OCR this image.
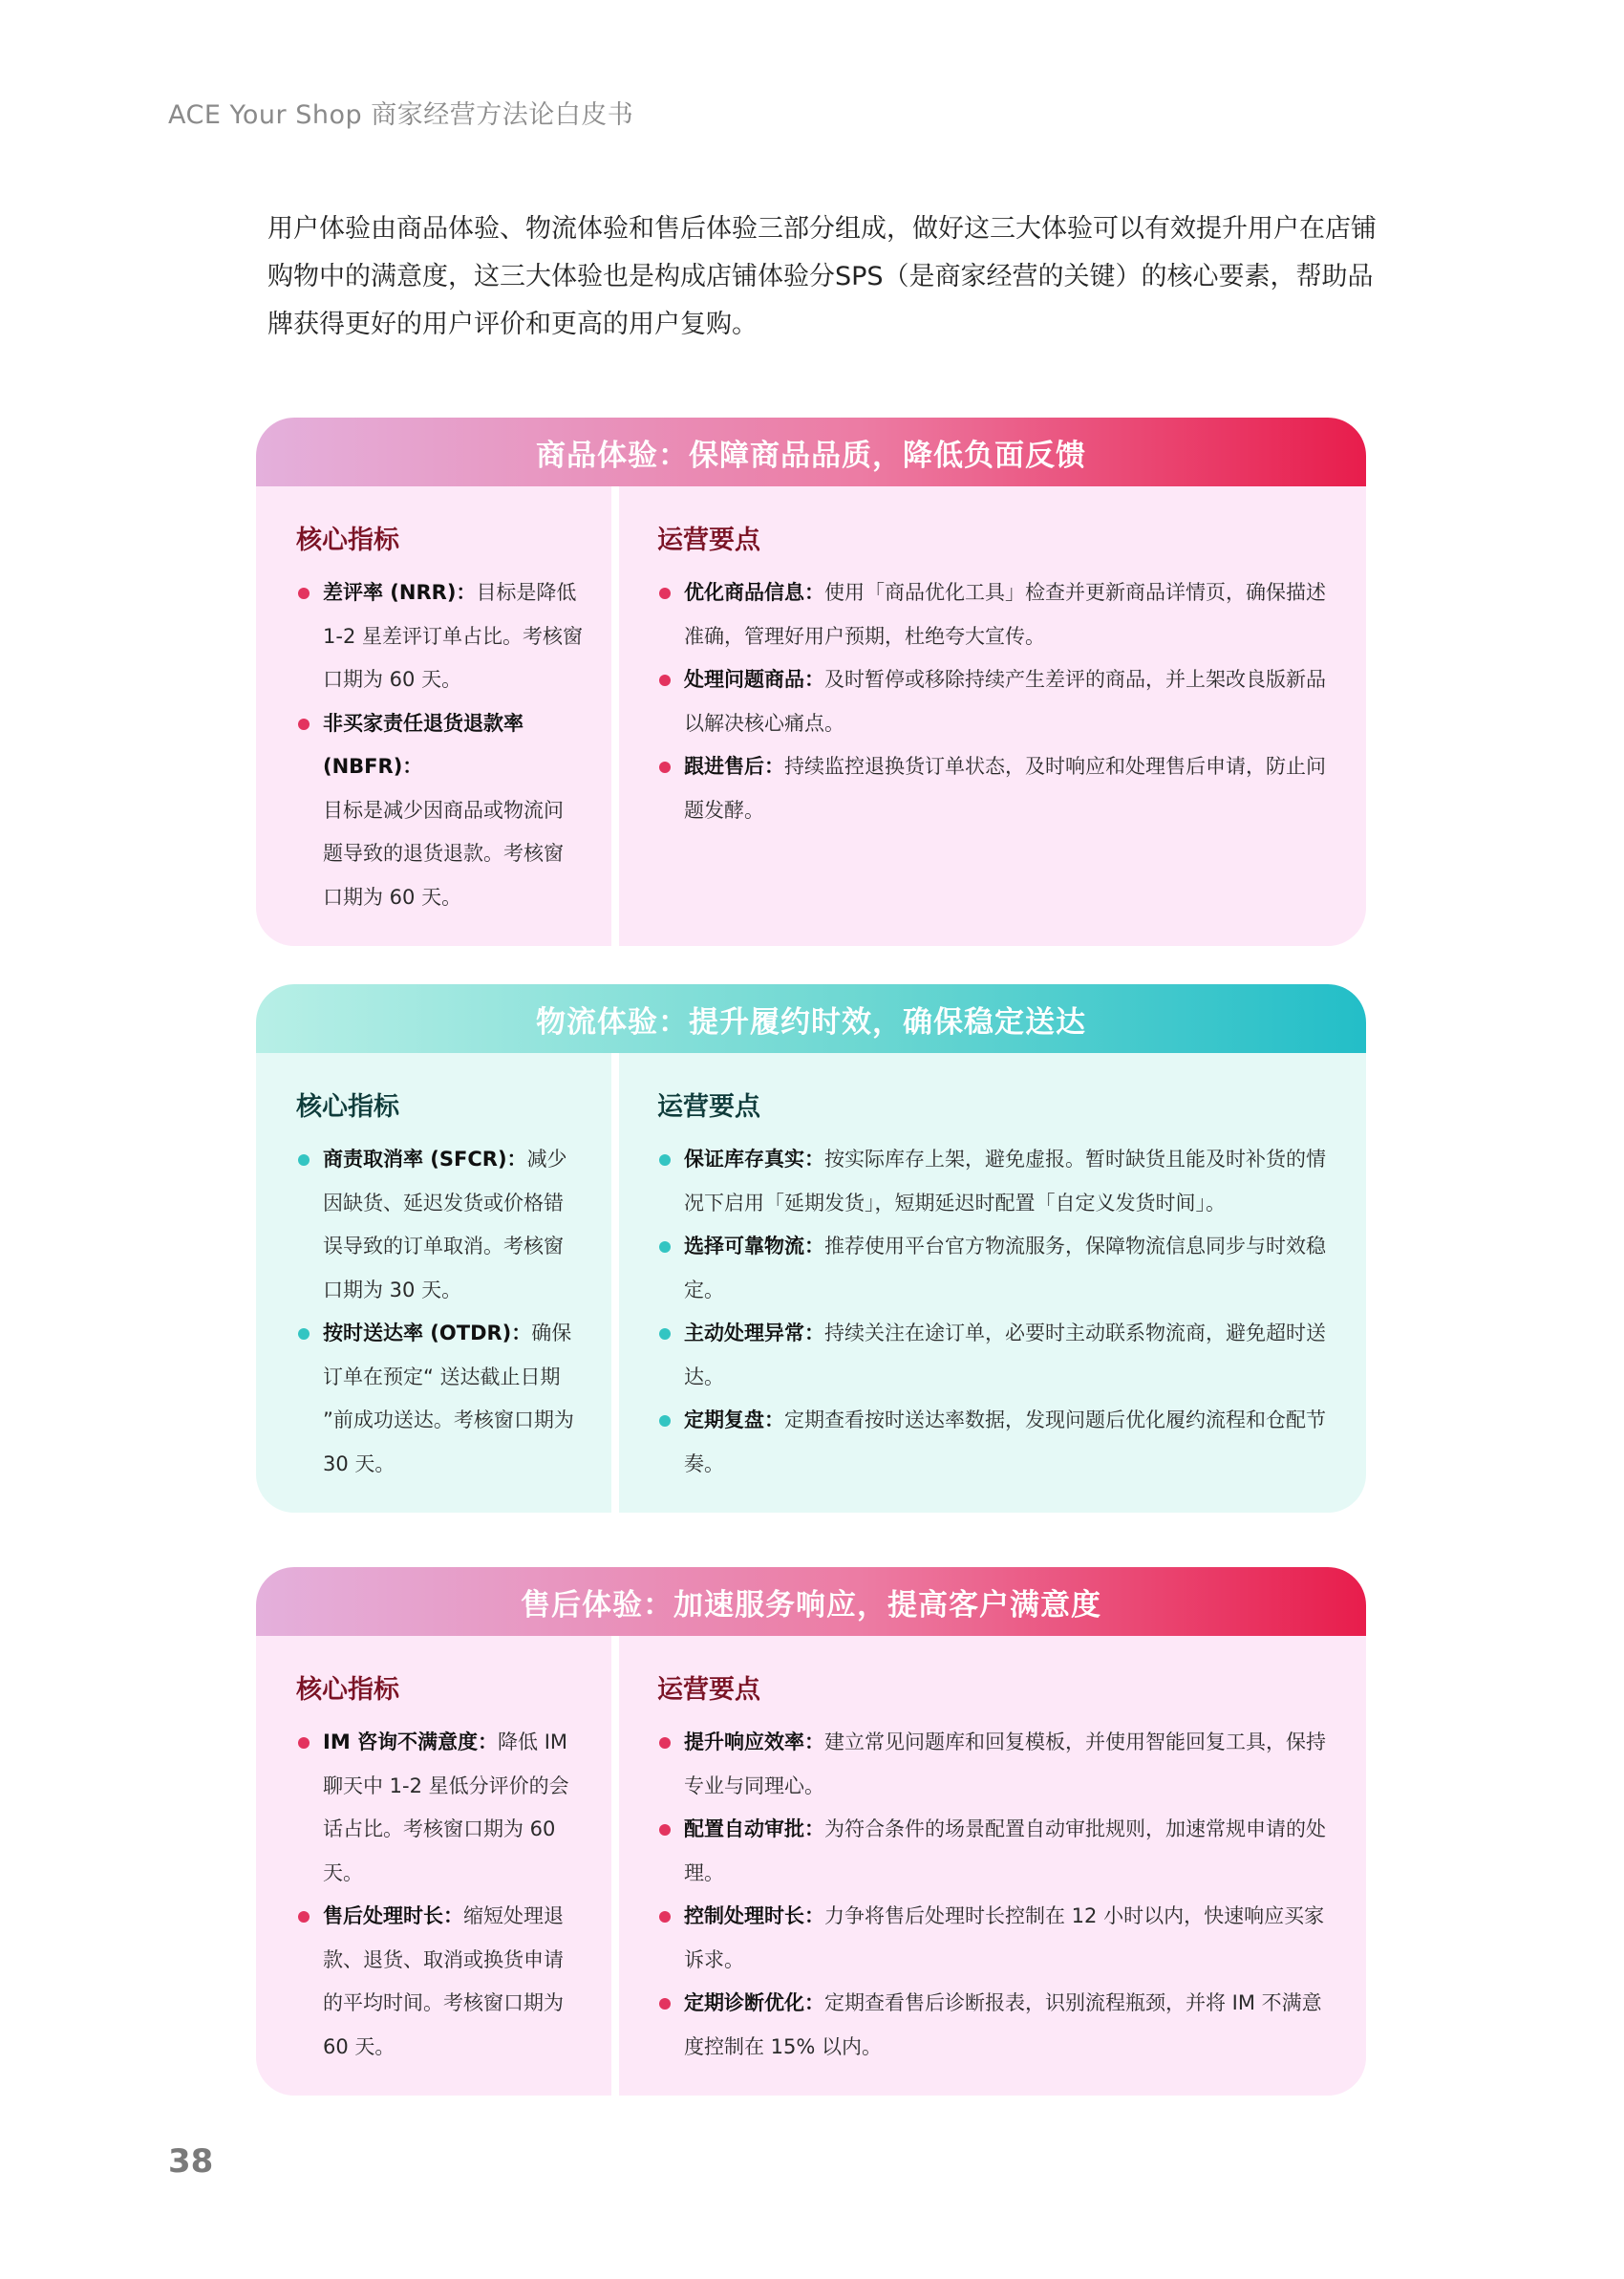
ACE Your Shop 商家经营方法论白皮书
用户体验由商品体验、物流体验和售后体验三部分组成，做好这三大体验可以有效提升用户在店铺购物中的满意度，这三大体验也是构成店铺体验分SPS（是商家经营的关键）的核心要素，帮助品牌获得更好的用户评价和更高的用户复购。
商品体验：保障商品品质，降低负面反馈
核心指标
差评率 (NRR)：目标是降低 1-2 星差评订单占比。考核窗口期为 60 天。
非买家责任退货退款率 (NBFR)：
目标是减少因商品或物流问题导致的退货退款。考核窗口期为 60 天。
运营要点
优化商品信息：使用「商品优化工具」检查并更新商品详情页，确保描述准确，管理好用户预期，杜绝夸大宣传。
处理问题商品：及时暂停或移除持续产生差评的商品，并上架改良版新品以解决核心痛点。
跟进售后：持续监控退换货订单状态，及时响应和处理售后申请，防止问题发酵。
物流体验：提升履约时效，确保稳定送达
核心指标
商责取消率 (SFCR)：减少因缺货、延迟发货或价格错误导致的订单取消。考核窗口期为 30 天。
按时送达率 (OTDR)：确保订单在预定“ 送达截止日期 ”前成功送达。考核窗口期为 30 天。
运营要点
保证库存真实：按实际库存上架，避免虚报。暂时缺货且能及时补货的情况下启用「延期发货」，短期延迟时配置「自定义发货时间」。
选择可靠物流：推荐使用平台官方物流服务，保障物流信息同步与时效稳定。
主动处理异常：持续关注在途订单，必要时主动联系物流商，避免超时送达。
定期复盘：定期查看按时送达率数据，发现问题后优化履约流程和仓配节奏。
售后体验：加速服务响应，提高客户满意度
核心指标
IM 咨询不满意度：降低 IM 聊天中 1-2 星低分评价的会话占比。考核窗口期为 60 天。
售后处理时长：缩短处理退款、退货、取消或换货申请的平均时间。考核窗口期为 60 天。
运营要点
提升响应效率：建立常见问题库和回复模板，并使用智能回复工具，保持专业与同理心。
配置自动审批：为符合条件的场景配置自动审批规则，加速常规申请的处理。
控制处理时长：力争将售后处理时长控制在 12 小时以内，快速响应买家诉求。
定期诊断优化：定期查看售后诊断报表，识别流程瓶颈，并将 IM 不满意度控制在 15% 以内。
38
